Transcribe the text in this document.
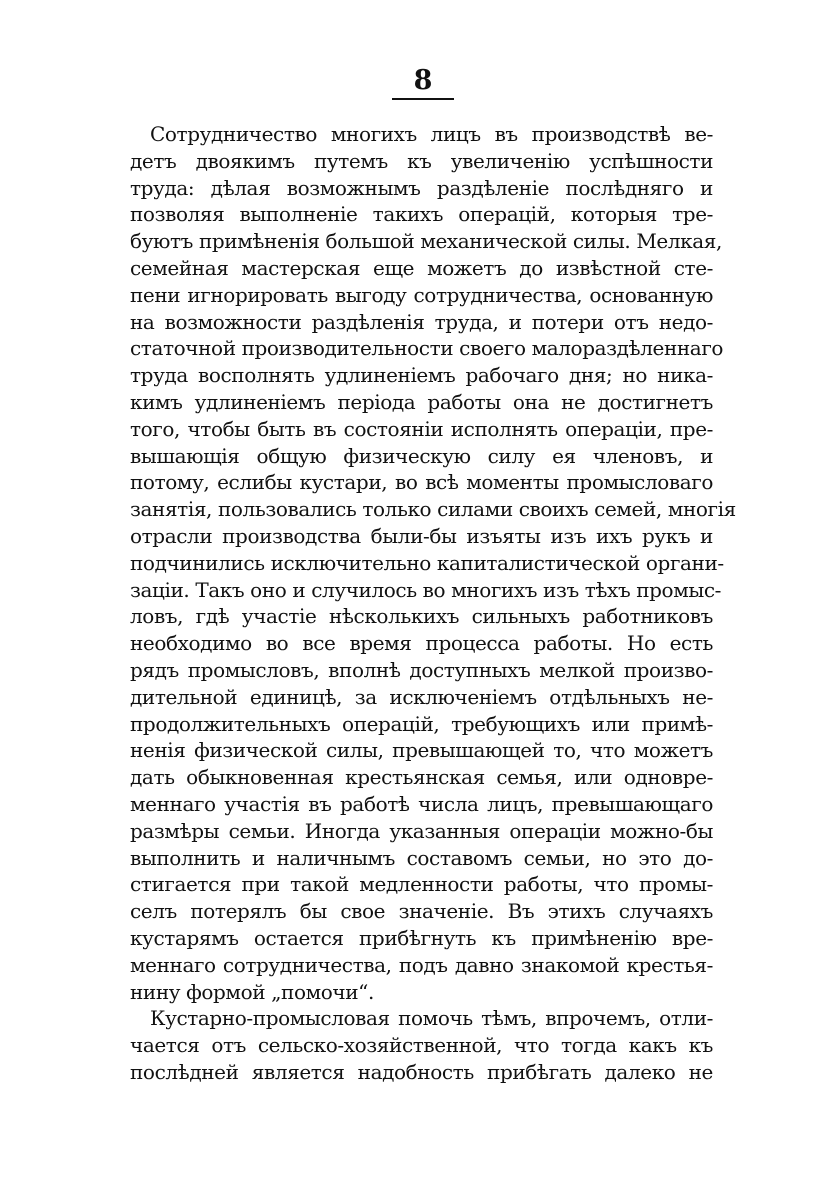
8
Сотрудничество многихъ лицъ въ производствѣ ве-
детъ двоякимъ путемъ къ увеличенію успѣшности
труда: дѣлая возможнымъ раздѣленіе послѣдняго и
позволяя выполненіе такихъ операцій, которыя тре-
буютъ примѣненія большой механической силы. Мелкая,
семейная мастерская еще можетъ до извѣстной сте-
пени игнорировать выгоду сотрудничества, основанную
на возможности раздѣленія труда, и потери отъ недо-
статочной производительности своего малораздѣленнаго
труда восполнять удлиненіемъ рабочаго дня; но ника-
кимъ удлиненіемъ періода работы она не достигнетъ
того, чтобы быть въ состояніи исполнять операціи, пре-
вышающія общую физическую силу ея членовъ, и
потому, еслибы кустари, во всѣ моменты промысловаго
занятія, пользовались только силами своихъ семей, многія
отрасли производства были-бы изъяты изъ ихъ рукъ и
подчинились исключительно капиталистической органи-
заціи. Такъ оно и случилось во многихъ изъ тѣхъ промыс-
ловъ, гдѣ участіе нѣсколькихъ сильныхъ работниковъ
необходимо во все время процесса работы. Но есть
рядъ промысловъ, вполнѣ доступныхъ мелкой произво-
дительной единицѣ, за исключеніемъ отдѣльныхъ не-
продолжительныхъ операцій, требующихъ или примѣ-
ненія физической силы, превышающей то, что можетъ
дать обыкновенная крестьянская семья, или одновре-
меннаго участія въ работѣ числа лицъ, превышающаго
размѣры семьи. Иногда указанныя операціи можно-бы
выполнить и наличнымъ составомъ семьи, но это до-
стигается при такой медленности работы, что промы-
селъ потерялъ бы свое значеніе. Въ этихъ случаяхъ
кустарямъ остается прибѣгнуть къ примѣненію вре-
меннаго сотрудничества, подъ давно знакомой крестья-
нину формой „помочи“.
Кустарно-промысловая помочь тѣмъ, впрочемъ, отли-
чается отъ сельско-хозяйственной, что тогда какъ къ
послѣдней является надобность прибѣгать далеко не
